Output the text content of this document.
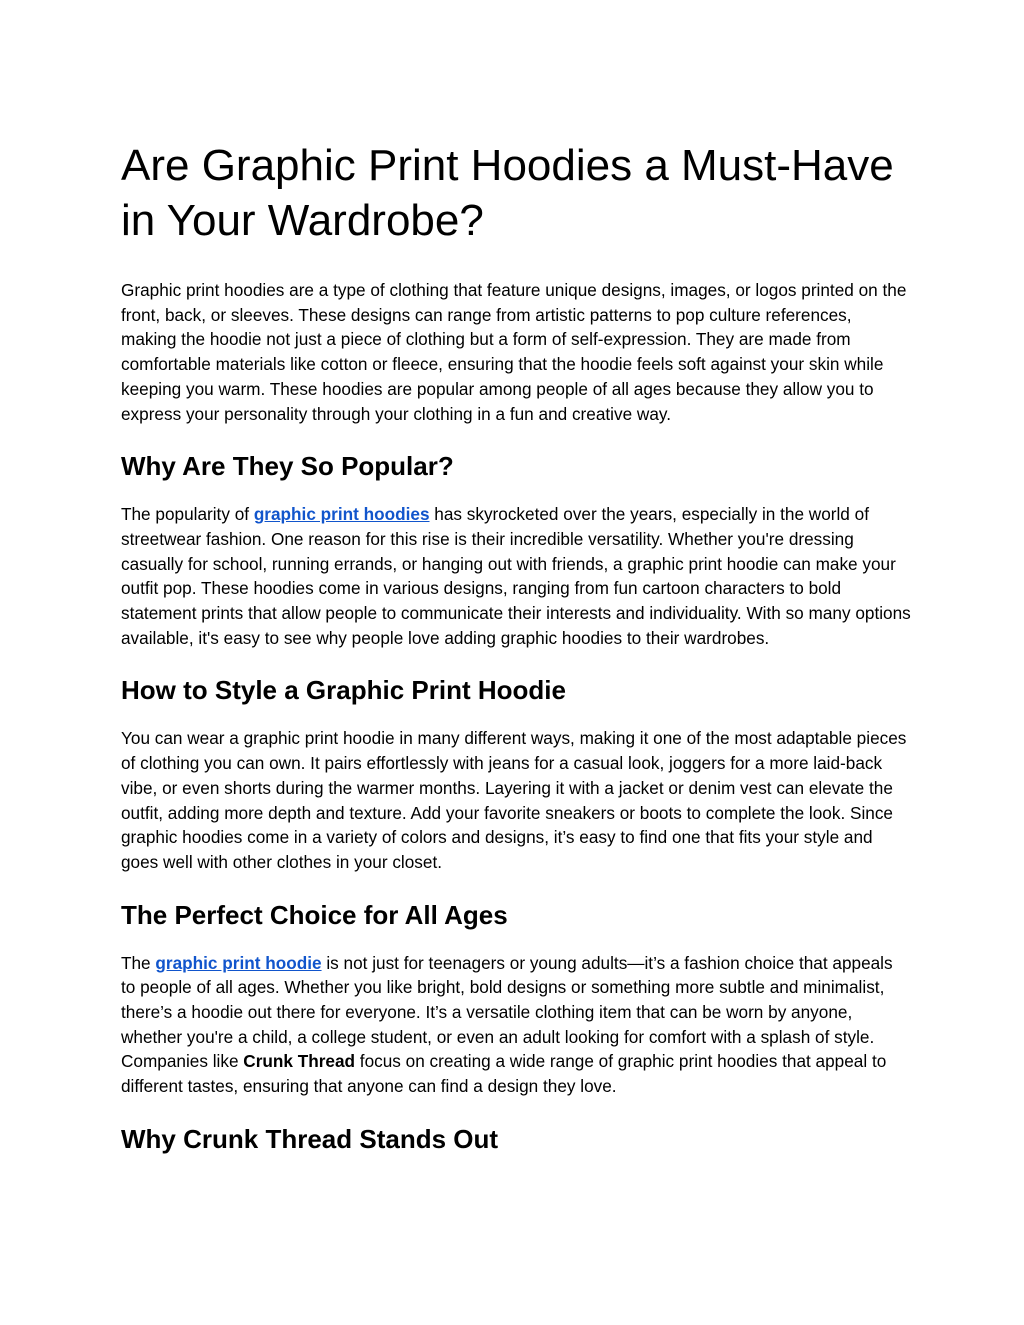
Are Graphic Print Hoodies a Must-Have in Your Wardrobe?

Graphic print hoodies are a type of clothing that feature unique designs, images, or logos printed on the front, back, or sleeves. These designs can range from artistic patterns to pop culture references, making the hoodie not just a piece of clothing but a form of self-expression. They are made from comfortable materials like cotton or fleece, ensuring that the hoodie feels soft against your skin while keeping you warm. These hoodies are popular among people of all ages because they allow you to express your personality through your clothing in a fun and creative way.

Why Are They So Popular?

The popularity of graphic print hoodies has skyrocketed over the years, especially in the world of streetwear fashion. One reason for this rise is their incredible versatility. Whether you're dressing casually for school, running errands, or hanging out with friends, a graphic print hoodie can make your outfit pop. These hoodies come in various designs, ranging from fun cartoon characters to bold statement prints that allow people to communicate their interests and individuality. With so many options available, it's easy to see why people love adding graphic hoodies to their wardrobes.

How to Style a Graphic Print Hoodie

You can wear a graphic print hoodie in many different ways, making it one of the most adaptable pieces of clothing you can own. It pairs effortlessly with jeans for a casual look, joggers for a more laid-back vibe, or even shorts during the warmer months. Layering it with a jacket or denim vest can elevate the outfit, adding more depth and texture. Add your favorite sneakers or boots to complete the look. Since graphic hoodies come in a variety of colors and designs, it’s easy to find one that fits your style and goes well with other clothes in your closet.

The Perfect Choice for All Ages

The graphic print hoodie is not just for teenagers or young adults—it’s a fashion choice that appeals to people of all ages. Whether you like bright, bold designs or something more subtle and minimalist, there’s a hoodie out there for everyone. It’s a versatile clothing item that can be worn by anyone, whether you're a child, a college student, or even an adult looking for comfort with a splash of style. Companies like Crunk Thread focus on creating a wide range of graphic print hoodies that appeal to different tastes, ensuring that anyone can find a design they love.

Why Crunk Thread Stands Out
